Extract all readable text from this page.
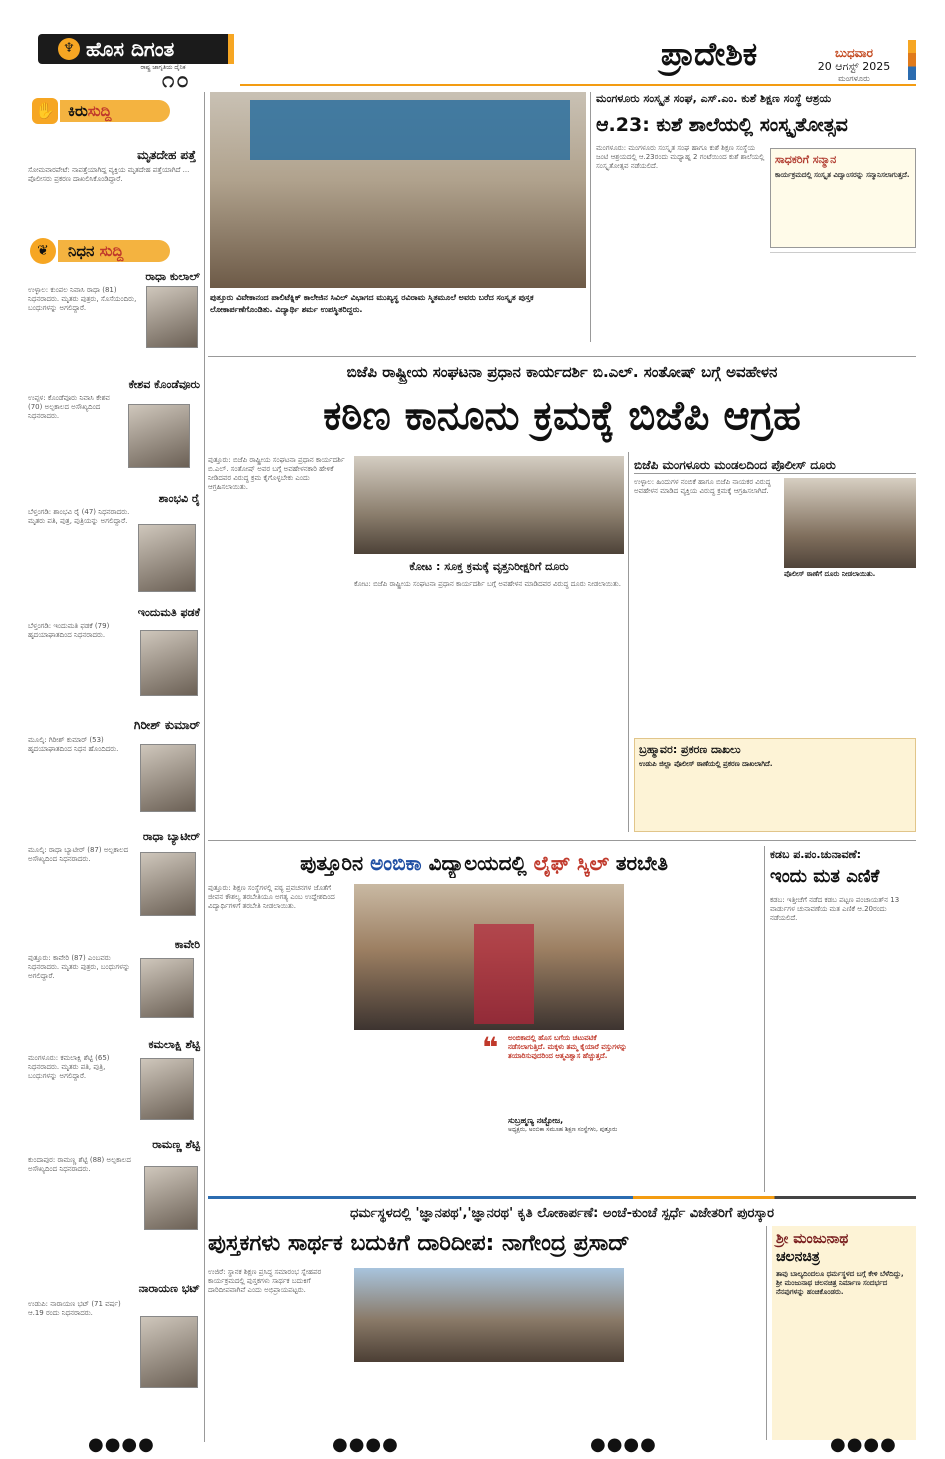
♆ ಹೊಸ ದಿಗಂತ
ರಾಷ್ಟ್ರ ಜಾಗೃತಿಯ ದೈನಿಕ
೧೦
ಪ್ರಾದೇಶಿಕ	ಬುಧವಾರ
20 ಆಗಸ್ಟ್ 2025
ಮಂಗಳೂರು
✋ ಕಿರುಸುದ್ದಿ
ಮೃತದೇಹ ಪತ್ತೆ
ಸೋಮವಾರಪೇಟೆ: ನಾಪತ್ತೆಯಾಗಿದ್ದ ವ್ಯಕ್ತಿಯ ಮೃತದೇಹ ಪತ್ತೆಯಾಗಿದೆ ... ಪೊಲೀಸರು ಪ್ರಕರಣ ದಾಖಲಿಸಿಕೊಂಡಿದ್ದಾರೆ.
❦	ನಿಧನ ಸುದ್ದಿ
ರಾಧಾ ಕುಲಾಲ್
ಉಳ್ಳಾಲ: ಕುಂಪಲ ನಿವಾಸಿ ರಾಧಾ (81) ನಿಧನರಾದರು. ಮೃತರು ಪುತ್ರರು, ಸೊಸೆಯಂದಿರು, ಬಂಧುಗಳನ್ನು ಅಗಲಿದ್ದಾರೆ.
ಕೇಶವ ಕೊಂಡೆವೂರು
ಉಪ್ಪಳ: ಕೊಂಡೆವೂರು ನಿವಾಸಿ ಕೇಶವ (70) ಅಲ್ಪಕಾಲದ ಅಸೌಖ್ಯದಿಂದ ನಿಧನರಾದರು.
ಶಾಂಭವಿ ರೈ
ಬೆಳ್ತಂಗಡಿ: ಶಾಂಭವಿ ರೈ (47) ನಿಧನರಾದರು. ಮೃತರು ಪತಿ, ಪುತ್ರ, ಪುತ್ರಿಯನ್ನು ಅಗಲಿದ್ದಾರೆ.
ಇಂದುಮತಿ ಫಡಕೆ
ಬೆಳ್ತಂಗಡಿ: ಇಂದುಮತಿ ಫಡಕೆ (79) ಹೃದಯಾಘಾತದಿಂದ ನಿಧನರಾದರು.
ಗಿರೀಶ್ ಕುಮಾರ್
ಮೂಲ್ಕಿ: ಗಿರೀಶ್ ಕುಮಾರ್ (53) ಹೃದಯಾಘಾತದಿಂದ ನಿಧನ ಹೊಂದಿದರು.
ರಾಧಾ ಬ್ಯಾಟೀರ್
ಮೂಲ್ಕಿ: ರಾಧಾ ಬ್ಯಾಟೀರ್ (87) ಅಲ್ಪಕಾಲದ ಅಸೌಖ್ಯದಿಂದ ನಿಧನರಾದರು.
ಕಾವೇರಿ
ಪುತ್ತೂರು: ಕಾವೇರಿ (87) ಎಂಬವರು ನಿಧನರಾದರು. ಮೃತರು ಪುತ್ರರು, ಬಂಧುಗಳನ್ನು ಅಗಲಿದ್ದಾರೆ.
ಕಮಲಾಕ್ಷಿ ಶೆಟ್ಟಿ
ಮಂಗಳೂರು: ಕಮಲಾಕ್ಷಿ ಶೆಟ್ಟಿ (65) ನಿಧನರಾದರು. ಮೃತರು ಪತಿ, ಪುತ್ರಿ, ಬಂಧುಗಳನ್ನು ಅಗಲಿದ್ದಾರೆ.
ರಾಮಣ್ಣ ಶೆಟ್ಟಿ
ಕುಂದಾಪುರ: ರಾಮಣ್ಣ ಶೆಟ್ಟಿ (88) ಅಲ್ಪಕಾಲದ ಅಸೌಖ್ಯದಿಂದ ನಿಧನರಾದರು.
ನಾರಾಯಣ ಭಟ್
ಉಡುಪಿ: ನಾರಾಯಣ ಭಟ್ (71 ವರ್ಷ) ಆ.19 ರಂದು ನಿಧನರಾದರು.
ಪುತ್ತೂರು ವಿವೇಕಾನಂದ ಪಾಲಿಟೆಕ್ನಿಕ್ ಕಾಲೇಜಿನ ಸಿವಿಲ್ ವಿಭಾಗದ ಮುಖ್ಯಸ್ಥ ರವಿರಾಮ ಸ್ಮಿತಮೂಲೆ ಅವರು ಬರೆದ ಸಂಸ್ಕೃತ ಪುಸ್ತಕ ಲೋಕಾರ್ಪಣೆಗೊಂಡಿತು. ವಿದ್ಯಾರ್ಥಿ ಶರ್ಮ ಉಪಸ್ಥಿತರಿದ್ದರು.
ಮಂಗಳೂರು ಸಂಸ್ಕೃತ ಸಂಘ, ಎಸ್.ಎಂ. ಕುಶೆ ಶಿಕ್ಷಣ ಸಂಸ್ಥೆ ಆಶ್ರಯ
ಆ.23: ಕುಶೆ ಶಾಲೆಯಲ್ಲಿ ಸಂಸ್ಕೃತೋತ್ಸವ
ಮಂಗಳೂರು: ಮಂಗಳೂರು ಸಂಸ್ಕೃತ ಸಂಘ ಹಾಗೂ ಕುಶೆ ಶಿಕ್ಷಣ ಸಂಸ್ಥೆಯ ಜಂಟಿ ಆಶ್ರಯದಲ್ಲಿ ಆ.23ರಂದು ಮಧ್ಯಾಹ್ನ 2 ಗಂಟೆಯಿಂದ ಕುಶೆ ಶಾಲೆಯಲ್ಲಿ ಸಂಸ್ಕೃತೋತ್ಸವ ನಡೆಯಲಿದೆ.	ಸಾಧಕರಿಗೆ ಸನ್ಮಾನ
ಕಾರ್ಯಕ್ರಮದಲ್ಲಿ ಸಂಸ್ಕೃತ ವಿದ್ವಾಂಸರನ್ನು ಸನ್ಮಾನಿಸಲಾಗುತ್ತದೆ.
ಬಿಜೆಪಿ ರಾಷ್ಟ್ರೀಯ ಸಂಘಟನಾ ಪ್ರಧಾನ ಕಾರ್ಯದರ್ಶಿ ಬಿ.ಎಲ್. ಸಂತೋಷ್ ಬಗ್ಗೆ ಅವಹೇಳನ
ಕಠಿಣ ಕಾನೂನು ಕ್ರಮಕ್ಕೆ ಬಿಜೆಪಿ ಆಗ್ರಹ
ಪುತ್ತೂರು: ಬಿಜೆಪಿ ರಾಷ್ಟ್ರೀಯ ಸಂಘಟನಾ ಪ್ರಧಾನ ಕಾರ್ಯದರ್ಶಿ ಬಿ.ಎಲ್. ಸಂತೋಷ್ ಅವರ ಬಗ್ಗೆ ಅವಹೇಳನಕಾರಿ ಹೇಳಿಕೆ ನೀಡಿದವರ ವಿರುದ್ಧ ಕ್ರಮ ಕೈಗೊಳ್ಳಬೇಕು ಎಂದು ಆಗ್ರಹಿಸಲಾಯಿತು.
ಕೋಟ : ಸೂಕ್ತ ಕ್ರಮಕ್ಕೆ ವೃತ್ತನಿರೀಕ್ಷರಿಗೆ ದೂರು
ಕೋಟ: ಬಿಜೆಪಿ ರಾಷ್ಟ್ರೀಯ ಸಂಘಟನಾ ಪ್ರಧಾನ ಕಾರ್ಯದರ್ಶಿ ಬಗ್ಗೆ ಅವಹೇಳನ ಮಾಡಿದವರ ವಿರುದ್ಧ ದೂರು ನೀಡಲಾಯಿತು.
ಬಿಜೆಪಿ ಮಂಗಳೂರು ಮಂಡಲದಿಂದ ಪೊಲೀಸ್ ದೂರು
ಉಳ್ಳಾಲ: ಹಿಂದುಗಳ ನಂಬಿಕೆ ಹಾಗೂ ಬಿಜೆಪಿ ನಾಯಕರ ವಿರುದ್ಧ ಅವಹೇಳನ ಮಾಡಿದ ವ್ಯಕ್ತಿಯ ವಿರುದ್ಧ ಕ್ರಮಕ್ಕೆ ಆಗ್ರಹಿಸಲಾಗಿದೆ.
ಪೊಲೀಸ್ ಠಾಣೆಗೆ ದೂರು ನೀಡಲಾಯಿತು.
ಬ್ರಹ್ಮಾವರ: ಪ್ರಕರಣ ದಾಖಲು
ಉಡುಪಿ ಜಿಲ್ಲಾ ಪೊಲೀಸ್ ಠಾಣೆಯಲ್ಲಿ ಪ್ರಕರಣ ದಾಖಲಾಗಿದೆ.
ಪುತ್ತೂರಿನ ಅಂಬಿಕಾ ವಿದ್ಯಾಲಯದಲ್ಲಿ ಲೈಫ್ ಸ್ಕಿಲ್ ತರಬೇತಿ
ಪುತ್ತೂರು: ಶಿಕ್ಷಣ ಸಂಸ್ಥೆಗಳಲ್ಲಿ ಪಠ್ಯ ಪ್ರವಚನಗಳ ಜೊತೆಗೆ ಜೀವನ ಕೌಶಲ್ಯ ತರಬೇತಿಯೂ ಅಗತ್ಯ ಎಂಬ ಉದ್ದೇಶದಿಂದ ವಿದ್ಯಾರ್ಥಿಗಳಿಗೆ ತರಬೇತಿ ನೀಡಲಾಯಿತು.
❝	ಅಂಬಿಕಾದಲ್ಲಿ ಹೊಸ ಬಗೆಯ ಚಟುವಟಿಕೆ ನಡೆಸಲಾಗುತ್ತಿದೆ. ಮಕ್ಕಳು ತಮ್ಮ ಕೈಯಾರೆ ವಸ್ತುಗಳನ್ನು ತಯಾರಿಸುವುದರಿಂದ ಆತ್ಮವಿಶ್ವಾಸ ಹೆಚ್ಚುತ್ತದೆ.
ಸುಬ್ರಹ್ಮಣ್ಯ ನಟ್ಟೋಜ,
ಅಧ್ಯಕ್ಷರು, ಅಂಬಿಕಾ ಸಮೂಹ ಶಿಕ್ಷಣ ಸಂಸ್ಥೆಗಳು, ಪುತ್ತೂರು
ಕಡಬ ಪ.ಪಂ.ಚುನಾವಣೆ:
ಇಂದು ಮತ ಎಣಿಕೆ
ಕಡಬ: ಇತ್ತೀಚೆಗೆ ನಡೆದ ಕಡಬ ಪಟ್ಟಣ ಪಂಚಾಯತ್‌ನ 13 ವಾರ್ಡುಗಳ ಚುನಾವಣೆಯ ಮತ ಎಣಿಕೆ ಆ.20ರಂದು ನಡೆಯಲಿದೆ.
ಧರ್ಮಸ್ಥಳದಲ್ಲಿ 'ಜ್ಞಾನಪಥ','ಜ್ಞಾನರಥ' ಕೃತಿ ಲೋಕಾರ್ಪಣೆ: ಅಂಚೆ-ಕುಂಚೆ ಸ್ಪರ್ಧೆ ವಿಜೇತರಿಗೆ ಪುರಸ್ಕಾರ
ಪುಸ್ತಕಗಳು ಸಾರ್ಥಕ ಬದುಕಿಗೆ ದಾರಿದೀಪ: ನಾಗೇಂದ್ರ ಪ್ರಸಾದ್
ಉಜಿರೆ: ಸ್ಥಾನಕ ಶಿಕ್ಷಣ ಪ್ರಸಿದ್ಧ ಸಮಾರಂಭ ಸ್ನೇಹಪರ ಕಾರ್ಯಕ್ರಮದಲ್ಲಿ ಪುಸ್ತಕಗಳು ಸಾರ್ಥಕ ಬದುಕಿಗೆ ದಾರಿದೀಪವಾಗಿವೆ ಎಂದು ಅಭಿಪ್ರಾಯಪಟ್ಟರು.
ಶ್ರೀ ಮಂಜುನಾಥ
ಚಲನಚಿತ್ರ
ತಾವು ಬಾಲ್ಯದಿಂದಲೂ ಧರ್ಮಸ್ಥಳದ ಬಗ್ಗೆ ಕೇಳಿ ಬೆಳೆದಿದ್ದು, ಶ್ರೀ ಮಂಜುನಾಥ ಚಲನಚಿತ್ರ ನಿರ್ಮಾಣ ಸಂದರ್ಭದ ನೆನಪುಗಳನ್ನು ಹಂಚಿಕೊಂಡರು.
●●●●	●●●●	●●●●	●●●●
